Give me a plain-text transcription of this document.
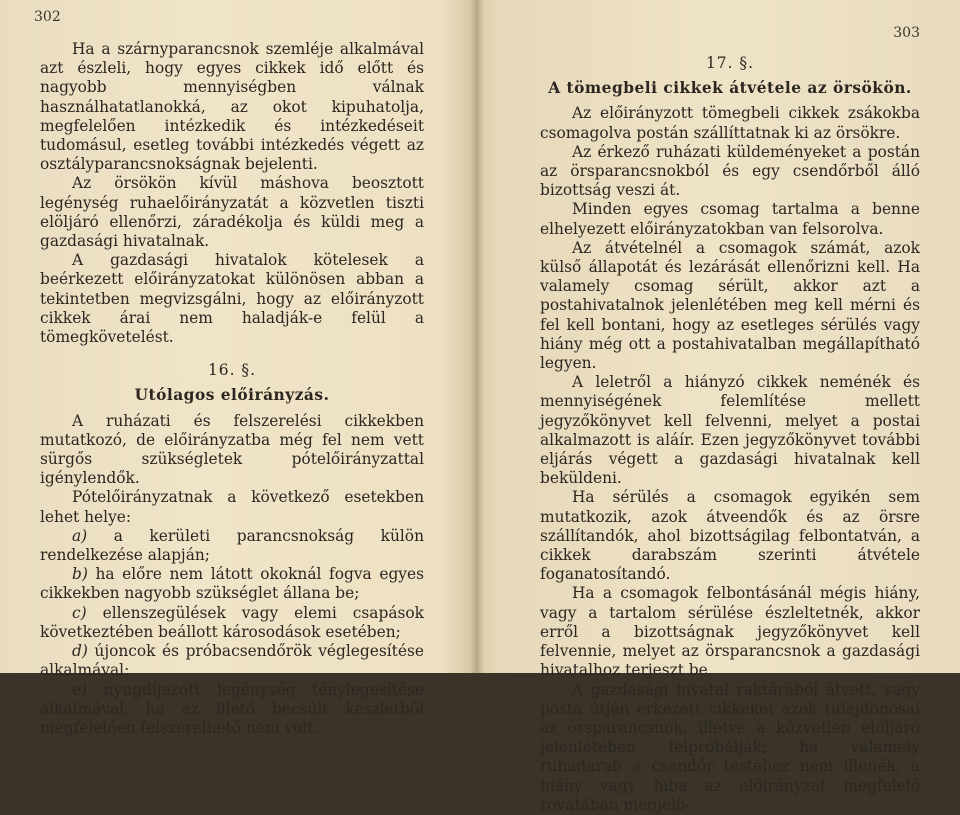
302

Ha a szárnyparancsnok szemléje alkalmával azt észleli, hogy egyes cikkek idő előtt és nagyobb mennyiségben válnak használhatatlanokká, az okot kipuhatolja, megfelelően intézkedik és intézkedéseit tudomásul, esetleg további intézkedés végett az osztályparancsnokságnak bejelenti.

Az örsökön kívül máshova beosztott legénység ruhaelőirányzatát a közvetlen tiszti elöljáró ellenőrzi, záradékolja és küldi meg a gazdasági hivatalnak.

A gazdasági hivatalok kötelesek a beérkezett előirányzatokat különösen abban a tekintetben megvizsgálni, hogy az előirányzott cikkek árai nem haladják-e felül a tömegkövetelést.

16. §.
Utólagos előirányzás.

A ruházati és felszerelési cikkekben mutatkozó, de előirányzatba még fel nem vett sürgős szükségletek pótelőirányzattal igénylendők.

Pótelőirányzatnak a következő esetekben lehet helye:

a) a kerületi parancsnokság külön rendelkezése alapján;

b) ha előre nem látott okoknál fogva egyes cikkekben nagyobb szükséglet állana be;

c) ellenszegülések vagy elemi csapások következtében beállott károsodások esetében;

d) újoncok és próbacsendőrök véglegesítése alkalmával;

e) nyugdíjazott legénység ténylegesítése alkalmával, ha az illető becsült készletből megfelelően felszerelhető nem volt.

303
17. §.
A tömegbeli cikkek átvétele az örsökön.

Az előirányzott tömegbeli cikkek zsákokba csomagolva postán szállíttatnak ki az örsökre.

Az érkező ruházati küldeményeket a postán az örsparancsnokból és egy csendőrből álló bizottság veszi át.

Minden egyes csomag tartalma a benne elhelyezett előirányzatokban van felsorolva.

Az átvételnél a csomagok számát, azok külső állapotát és lezárását ellenőrizni kell. Ha valamely csomag sérült, akkor azt a postahivatalnok jelenlétében meg kell mérni és fel kell bontani, hogy az esetleges sérülés vagy hiány még ott a postahivatalban megállapítható legyen.

A leletről a hiányzó cikkek neménék és mennyiségének felemlítése mellett jegyzőkönyvet kell felvenni, melyet a postai alkalmazott is aláír. Ezen jegyzőkönyvet további eljárás végett a gazdasági hivatalnak kell beküldeni.

Ha sérülés a csomagok egyikén sem mutatkozik, azok átveendők és az örsre szállítandók, ahol bizottságilag felbontatván, a cikkek darabszám szerinti átvétele foganatosítandó.

Ha a csomagok felbontásánál mégis hiány, vagy a tartalom sérülése észleltetnék, akkor erről a bizottságnak jegyzőkönyvet kell felvennie, melyet az örsparancsnok a gazdasági hivatalhoz terjeszt be.

A gazdasági hivatal raktárából átvett, vagy posta útján érkezett cikkeket azok tulajdonosai az örsparancsnok, illetve a közvetlen elöljáró jelenlétében felpróbálják; ha valamely ruhadarab a csendőr testéhez nem illenék, a hiány vagy hiba az előirányzat megfelelő rovatában megjelö-
